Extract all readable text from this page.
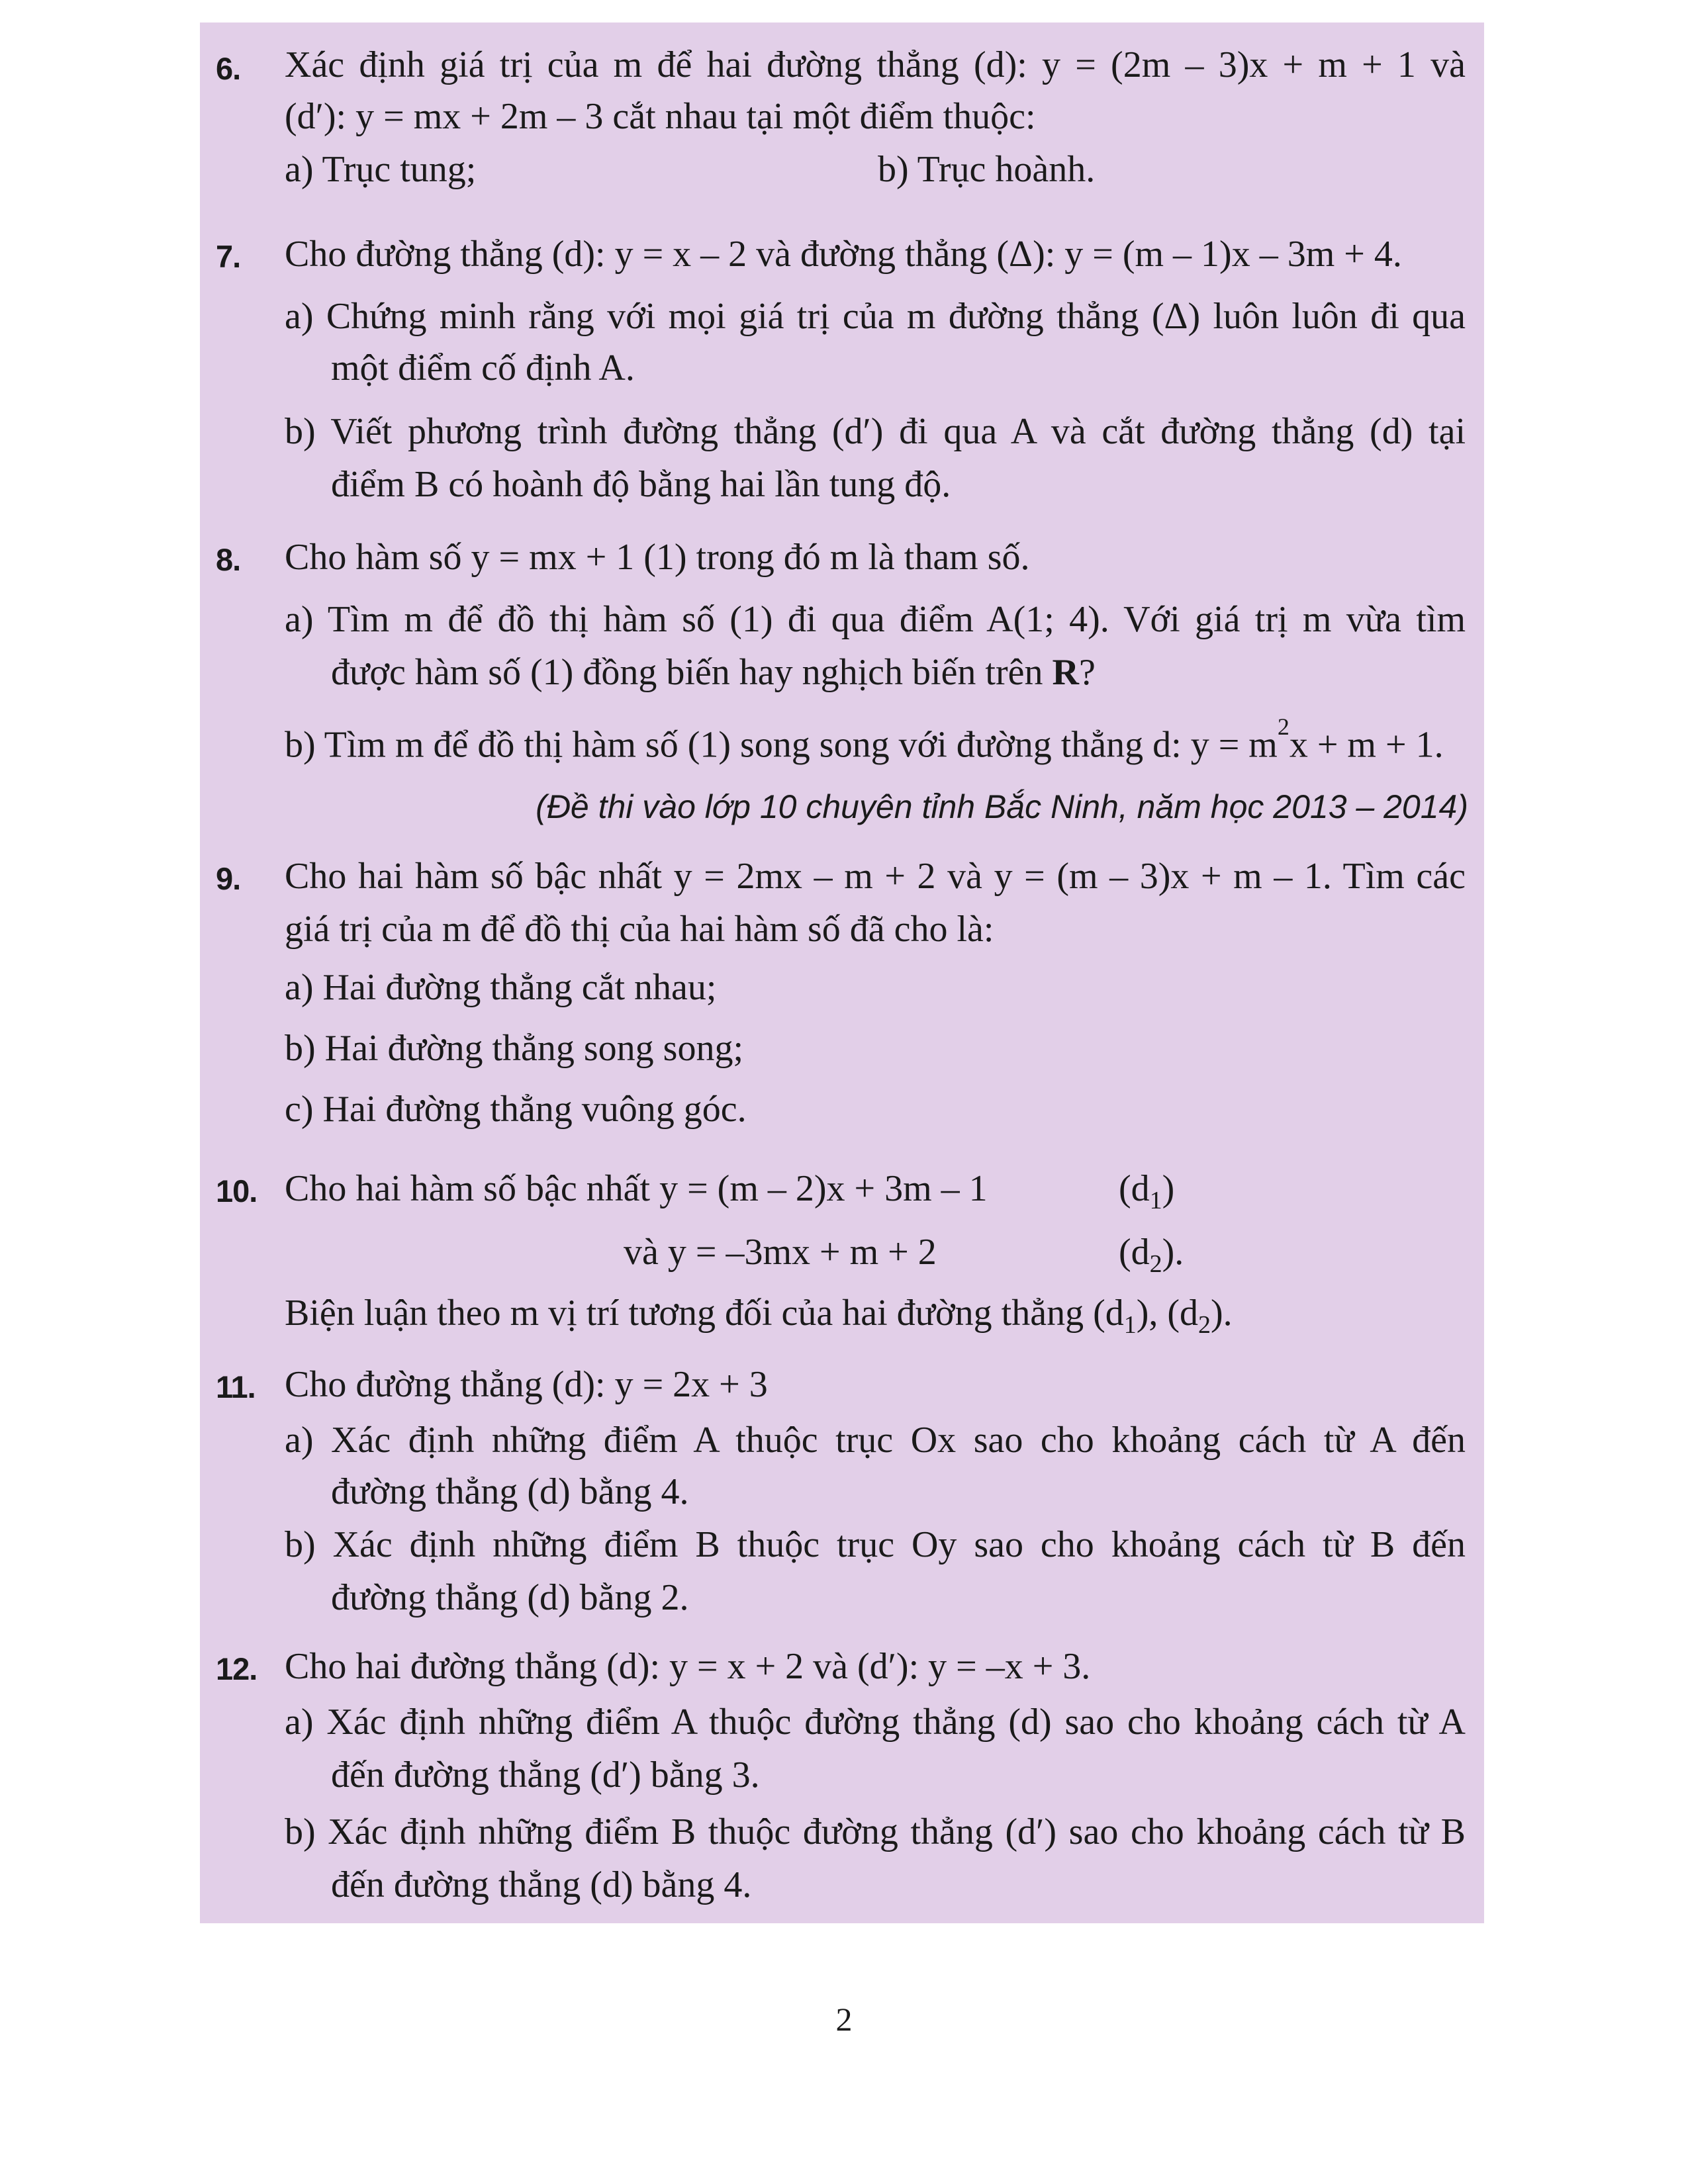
6. Xác định giá trị của m để hai đường thẳng (d): y = (2m – 3)x + m + 1 và
(d′): y = mx + 2m – 3 cắt nhau tại một điểm thuộc:
a) Trục tung;	b) Trục hoành.
7. Cho đường thẳng (d): y = x – 2 và đường thẳng (Δ): y = (m – 1)x – 3m + 4.
a) Chứng minh rằng với mọi giá trị của m đường thẳng (Δ) luôn luôn đi qua
một điểm cố định A.
b) Viết phương trình đường thẳng (d′) đi qua A và cắt đường thẳng (d) tại
điểm B có hoành độ bằng hai lần tung độ.
8. Cho hàm số y = mx + 1 (1) trong đó m là tham số.
a) Tìm m để đồ thị hàm số (1) đi qua điểm A(1; 4). Với giá trị m vừa tìm
được hàm số (1) đồng biến hay nghịch biến trên R?
b) Tìm m để đồ thị hàm số (1) song song với đường thẳng d: $y = m^2x + m + 1$.
(Đề thi vào lớp 10 chuyên tỉnh Bắc Ninh, năm học 2013 – 2014)
9. Cho hai hàm số bậc nhất y = 2mx – m + 2 và y = (m – 3)x + m – 1. Tìm các
giá trị của m để đồ thị của hai hàm số đã cho là:
a) Hai đường thẳng cắt nhau;
b) Hai đường thẳng song song;
c) Hai đường thẳng vuông góc.
10. Cho hai hàm số bậc nhất y = (m – 2)x + 3m – 1	$(d_1)$
và y = –3mx + m + 2	$(d_2)$.
Biện luận theo m vị trí tương đối của hai đường thẳng $(d_1)$, $(d_2)$.
11. Cho đường thẳng (d): y = 2x + 3
a) Xác định những điểm A thuộc trục Ox sao cho khoảng cách từ A đến
đường thẳng (d) bằng 4.
b) Xác định những điểm B thuộc trục Oy sao cho khoảng cách từ B đến
đường thẳng (d) bằng 2.
12. Cho hai đường thẳng (d): y = x + 2 và (d′): y = –x + 3.
a) Xác định những điểm A thuộc đường thẳng (d) sao cho khoảng cách từ A
đến đường thẳng (d′) bằng 3.
b) Xác định những điểm B thuộc đường thẳng (d′) sao cho khoảng cách từ B
đến đường thẳng (d) bằng 4.
2
